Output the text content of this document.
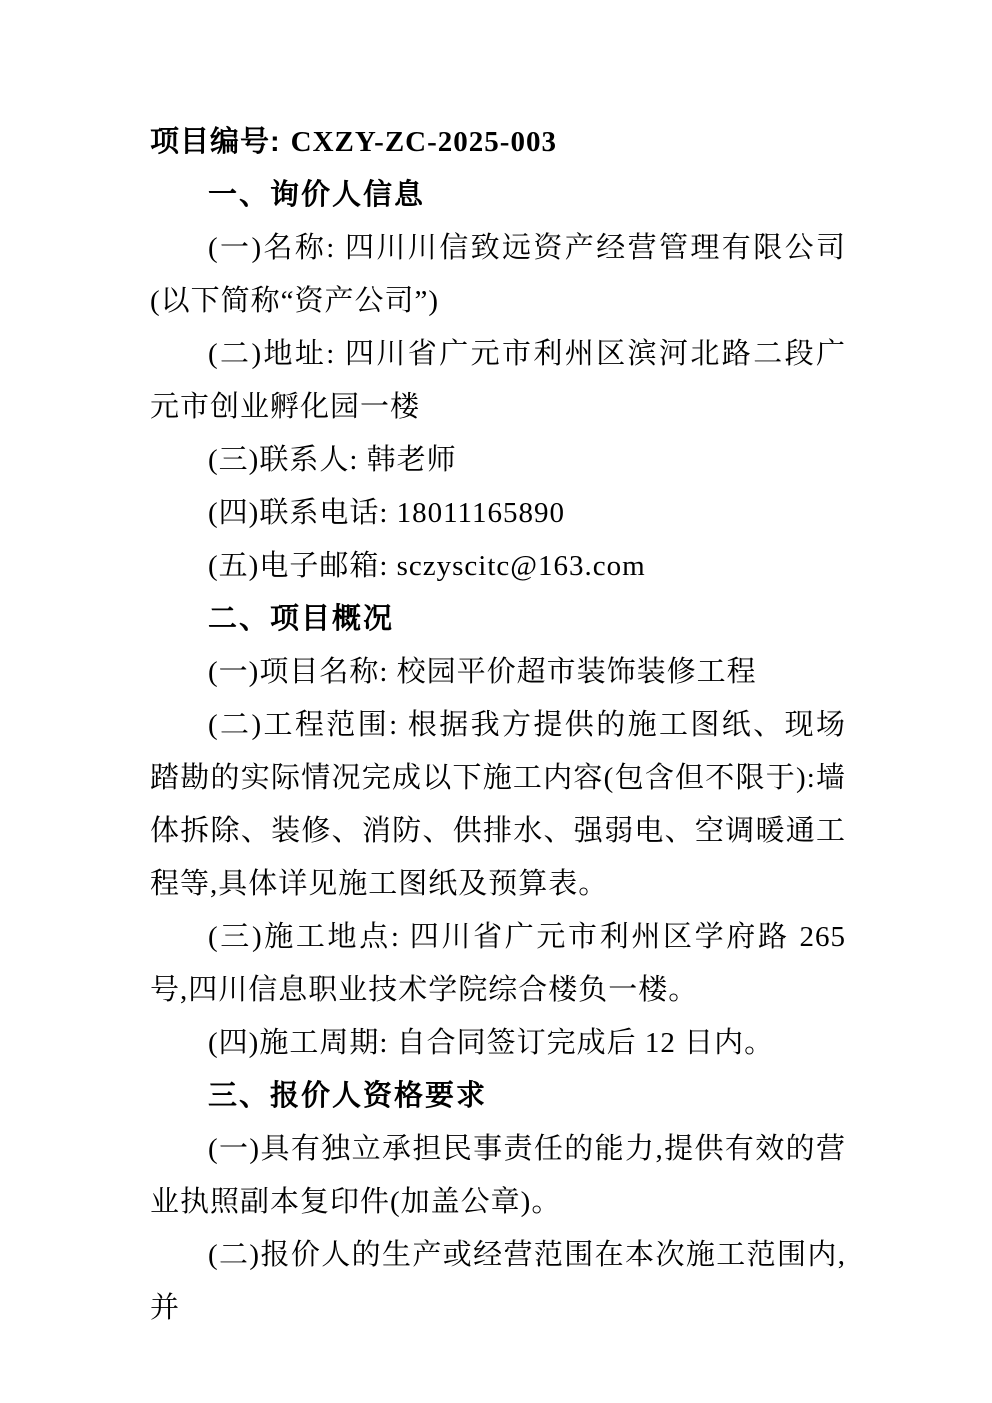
项目编号: CXZY-ZC-2025-003

一、询价人信息

(一)名称: 四川川信致远资产经营管理有限公司(以下简称“资产公司”)

(二)地址: 四川省广元市利州区滨河北路二段广元市创业孵化园一楼

(三)联系人: 韩老师

(四)联系电话: 18011165890

(五)电子邮箱: sczyscitc@163.com

二、项目概况

(一)项目名称: 校园平价超市装饰装修工程

(二)工程范围: 根据我方提供的施工图纸、现场踏勘的实际情况完成以下施工内容(包含但不限于):墙体拆除、装修、消防、供排水、强弱电、空调暖通工程等,具体详见施工图纸及预算表。

(三)施工地点: 四川省广元市利州区学府路 265 号,四川信息职业技术学院综合楼负一楼。

(四)施工周期: 自合同签订完成后 12 日内。

三、报价人资格要求

(一)具有独立承担民事责任的能力,提供有效的营业执照副本复印件(加盖公章)。

(二)报价人的生产或经营范围在本次施工范围内,并
